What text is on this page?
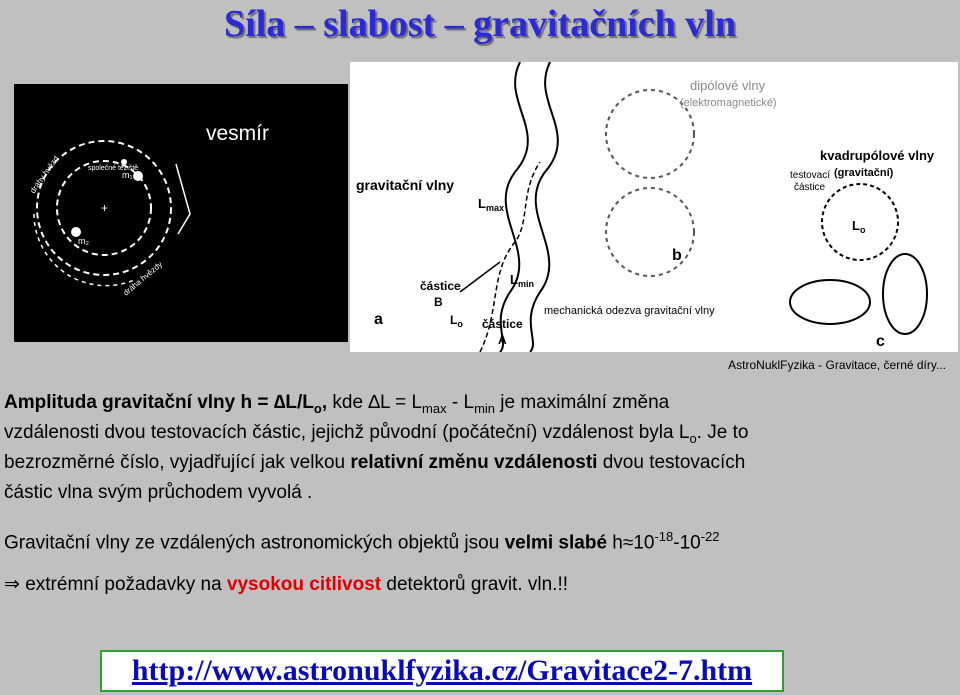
Síla – slabost – gravitačních vln
vesmír
m₁
m₂
společné těžiště
+
dráhy hvězd
dráha hvězdy
gravitační vlny
$L_{max}$
$L_{min}$
částice
B
$L_o$ částice
A
a
dipólové vlny
(elektromagnetické)
b
mechanická odezva gravitační vlny
kvadrupólové vlny
(gravitační)
testovací
částice
$L_o$
c
AstroNuklFyzika - Gravitace, černé díry...

Amplituda gravitační vlny $h = \Delta L/L_o$, kde $\Delta L = L_{max} - L_{min}$ je maximální změna

vzdálenosti dvou testovacích částic, jejichž původní (počáteční) vzdálenost byla $L_o$. Je to

bezrozměrné číslo, vyjadřující jak velkou relativní změnu vzdálenosti dvou testovacích

částic vlna svým průchodem vyvolá .

Gravitační vlny ze vzdálených astronomických objektů jsou velmi slabé $h\approx 10^{-18}-10^{-22}$

⇒ extrémní požadavky na vysokou citlivost detektorů gravit. vln.!!

http://www.astronuklfyzika.cz/Gravitace2-7.htm
